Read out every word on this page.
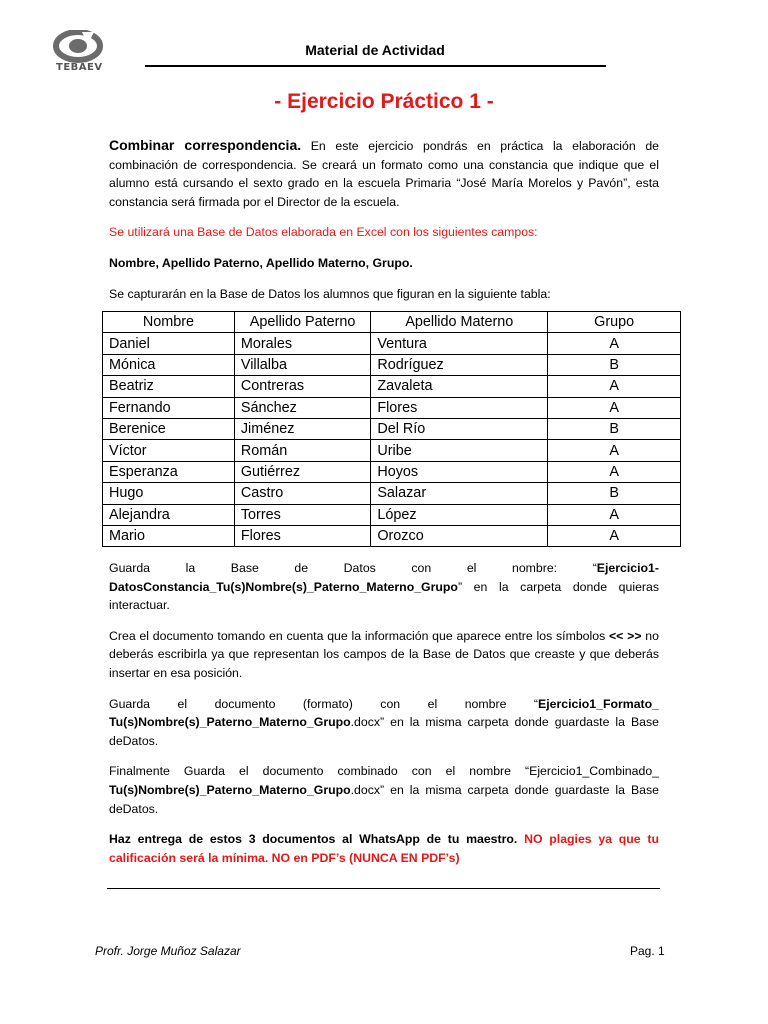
TEBAEV
Material de Actividad
- Ejercicio Práctico 1 -

Combinar correspondencia. En este ejercicio pondrás en práctica la elaboración de combinación de correspondencia. Se creará un formato como una constancia que indique que el alumno está cursando el sexto grado en la escuela Primaria “José María Morelos y Pavón”, esta constancia será firmada por el Director de la escuela.

Se utilizará una Base de Datos elaborada en Excel con los siguientes campos:

Nombre, Apellido Paterno, Apellido Materno, Grupo.

Se capturarán en la Base de Datos los alumnos que figuran en la siguiente tabla:

Nombre	Apellido Paterno	Apellido Materno	Grupo
Daniel	Morales	Ventura	A
Mónica	Villalba	Rodríguez	B
Beatriz	Contreras	Zavaleta	A
Fernando	Sánchez	Flores	A
Berenice	Jiménez	Del Río	B
Víctor	Román	Uribe	A
Esperanza	Gutiérrez	Hoyos	A
Hugo	Castro	Salazar	B
Alejandra	Torres	López	A
Mario	Flores	Orozco	A

Guarda la Base de Datos con el nombre: “Ejercicio1-DatosConstancia_Tu(s)Nombre(s)_Paterno_Materno_Grupo” en la carpeta donde quieras interactuar.

Crea el documento tomando en cuenta que la información que aparece entre los símbolos << >> no deberás escribirla ya que representan los campos de la Base de Datos que creaste y que deberás insertar en esa posición.

Guarda el documento (formato) con el nombre “Ejercicio1_Formato_ Tu(s)Nombre(s)_Paterno_Materno_Grupo.docx” en la misma carpeta donde guardaste la Base deDatos.

Finalmente Guarda el documento combinado con el nombre “Ejercicio1_Combinado_ Tu(s)Nombre(s)_Paterno_Materno_Grupo.docx” en la misma carpeta donde guardaste la Base deDatos.

Haz entrega de estos 3 documentos al WhatsApp de tu maestro. NO plagies ya que tu calificación será la mínima. NO en PDF’s (NUNCA EN PDF’s)

Profr. Jorge Muñoz Salazar	Pag. 1
